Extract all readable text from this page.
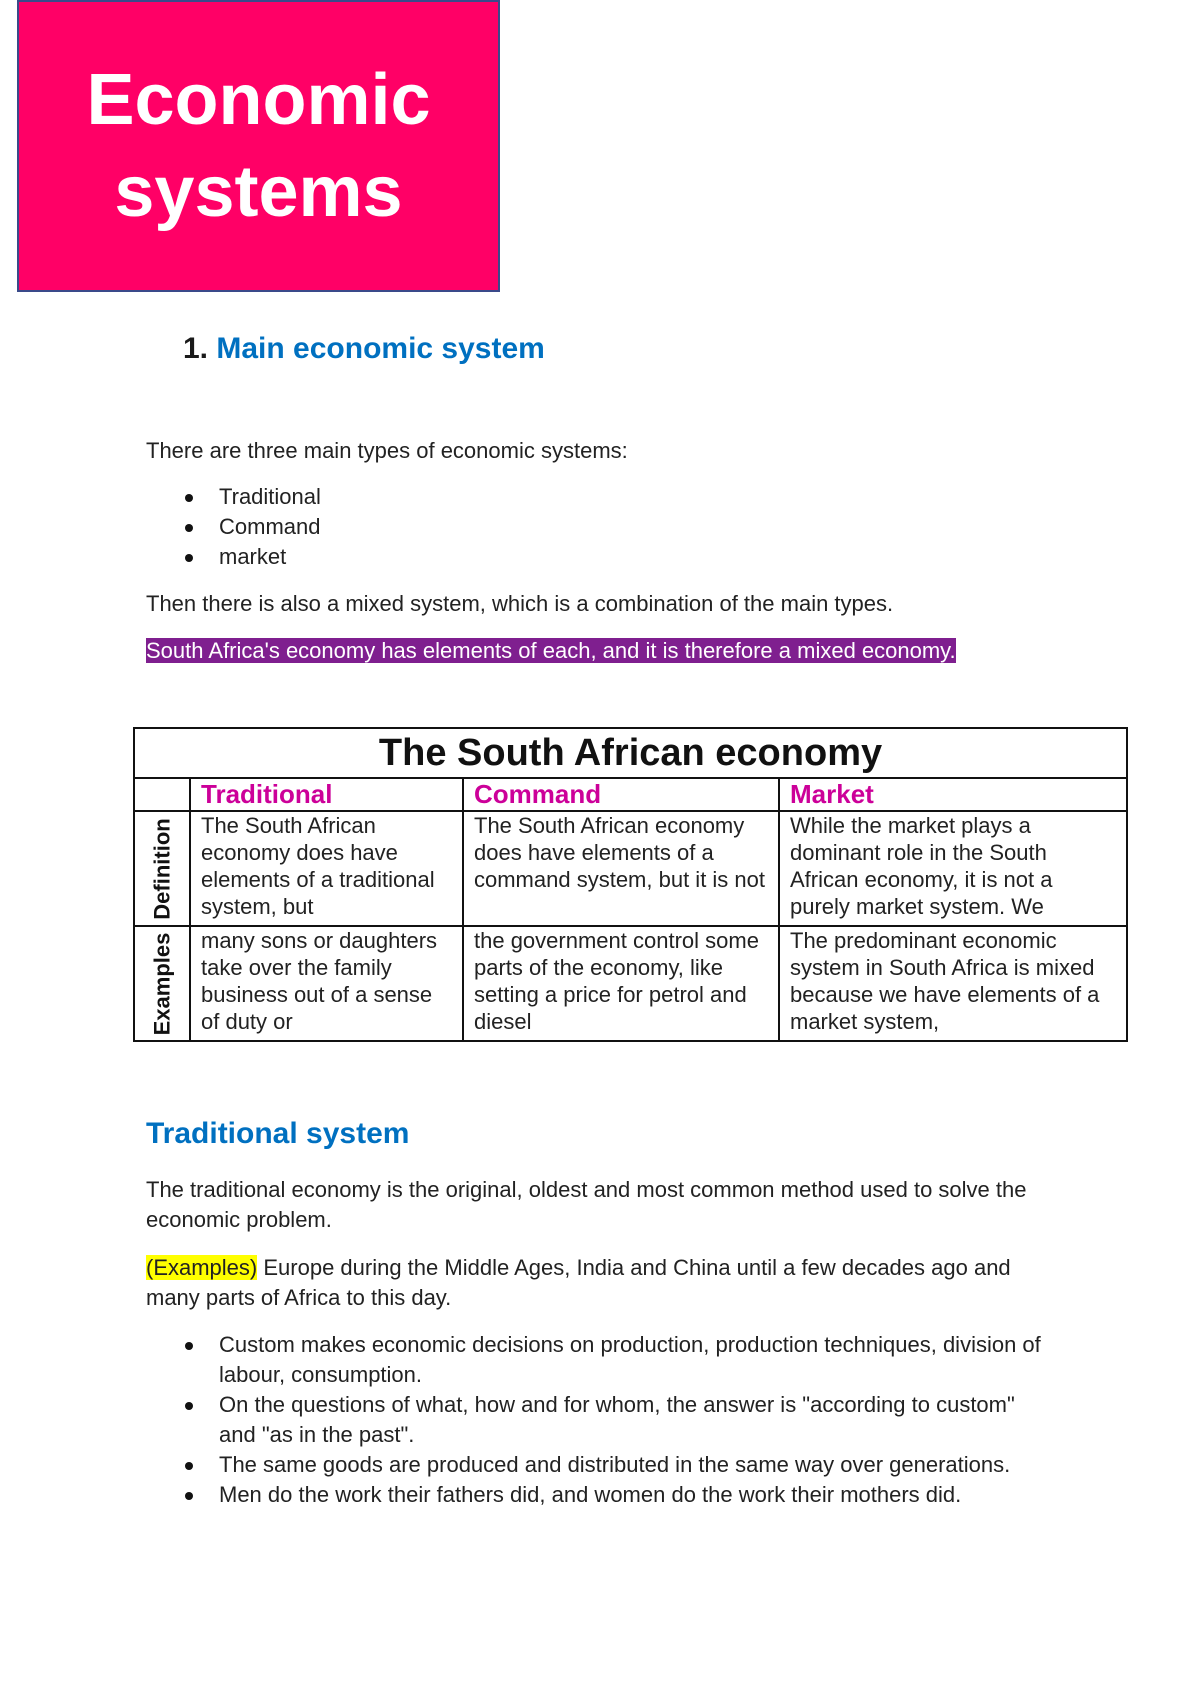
Economic
systems
1. Main economic system

There are three main types of economic systems:

Traditional
Command
market

Then there is also a mixed system, which is a combination of the main types.

South Africa's economy has elements of each, and it is therefore a mixed economy.

The South African economy			
	Traditional	Command	Market

Definition	The South African economy does have elements of a traditional system, but	The South African economy does have elements of a command system, but it is not	While the market plays a dominant role in the South African economy, it is not a purely market system. We

Examples	many sons or daughters take over the family business out of a sense of duty or	the government control some parts of the economy, like setting a price for petrol and diesel	The predominant economic system in South Africa is mixed because we have elements of a market system,
Traditional system

The traditional economy is the original, oldest and most common method used to solve the economic problem.

(Examples) Europe during the Middle Ages, India and China until a few decades ago and many parts of Africa to this day.

Custom makes economic decisions on production, production techniques, division of labour, consumption.
On the questions of what, how and for whom, the answer is "according to custom" and "as in the past".
The same goods are produced and distributed in the same way over generations.
Men do the work their fathers did, and women do the work their mothers did.
